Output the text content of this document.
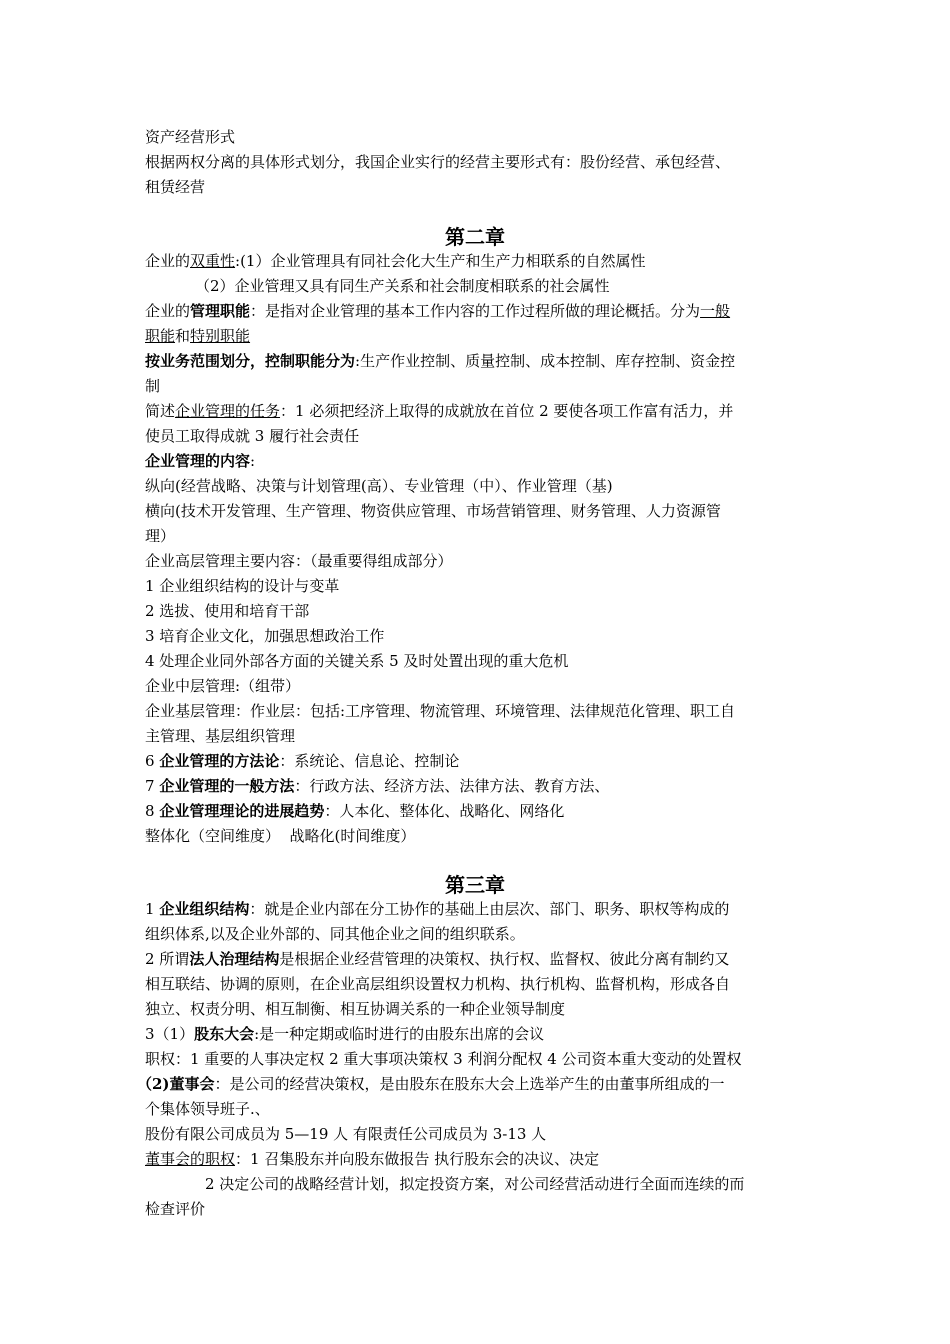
资产经营形式
根据两权分离的具体形式划分，我国企业实行的经营主要形式有：股份经营、承包经营、
租赁经营
第二章
企业的双重性:(1）企业管理具有同社会化大生产和生产力相联系的自然属性
（2）企业管理又具有同生产关系和社会制度相联系的社会属性
企业的管理职能：是指对企业管理的基本工作内容的工作过程所做的理论概括。分为一般
职能和特别职能
按业务范围划分，控制职能分为:生产作业控制、质量控制、成本控制、库存控制、资金控
制
简述企业管理的任务：1 必须把经济上取得的成就放在首位 2 要使各项工作富有活力，并
使员工取得成就 3 履行社会责任
企业管理的内容:
纵向(经营战略、决策与计划管理(高）、专业管理（中）、作业管理（基)
横向(技术开发管理、生产管理、物资供应管理、市场营销管理、财务管理、人力资源管
理）
企业高层管理主要内容：（最重要得组成部分）
1 企业组织结构的设计与变革
2 选拔、使用和培育干部
3 培育企业文化，加强思想政治工作
4 处理企业同外部各方面的关键关系 5 及时处置出现的重大危机
企业中层管理:（组带）
企业基层管理：作业层：包括:工序管理、物流管理、环境管理、法律规范化管理、职工自
主管理、基层组织管理
6 企业管理的方法论：系统论、信息论、控制论
7 企业管理的一般方法：行政方法、经济方法、法律方法、教育方法、
8 企业管理理论的进展趋势：人本化、整体化、战略化、网络化
整体化（空间维度）  战略化(时间维度）
第三章
1 企业组织结构：就是企业内部在分工协作的基础上由层次、部门、职务、职权等构成的
组织体系,以及企业外部的、同其他企业之间的组织联系。
2 所谓法人治理结构是根据企业经营管理的决策权、执行权、监督权、彼此分离有制约又
相互联结、协调的原则，在企业高层组织设置权力机构、执行机构、监督机构，形成各自
独立、权责分明、相互制衡、相互协调关系的一种企业领导制度
3（1）股东大会:是一种定期或临时进行的由股东出席的会议
职权：1 重要的人事决定权 2 重大事项决策权 3 利润分配权 4 公司资本重大变动的处置权
（2)董事会：是公司的经营决策权，是由股东在股东大会上选举产生的由董事所组成的一
个集体领导班子.、
股份有限公司成员为 5—19 人 有限责任公司成员为 3-13 人
董事会的职权：1 召集股东并向股东做报告 执行股东会的决议、决定
2 决定公司的战略经营计划，拟定投资方案，对公司经营活动进行全面而连续的而
检查评价
